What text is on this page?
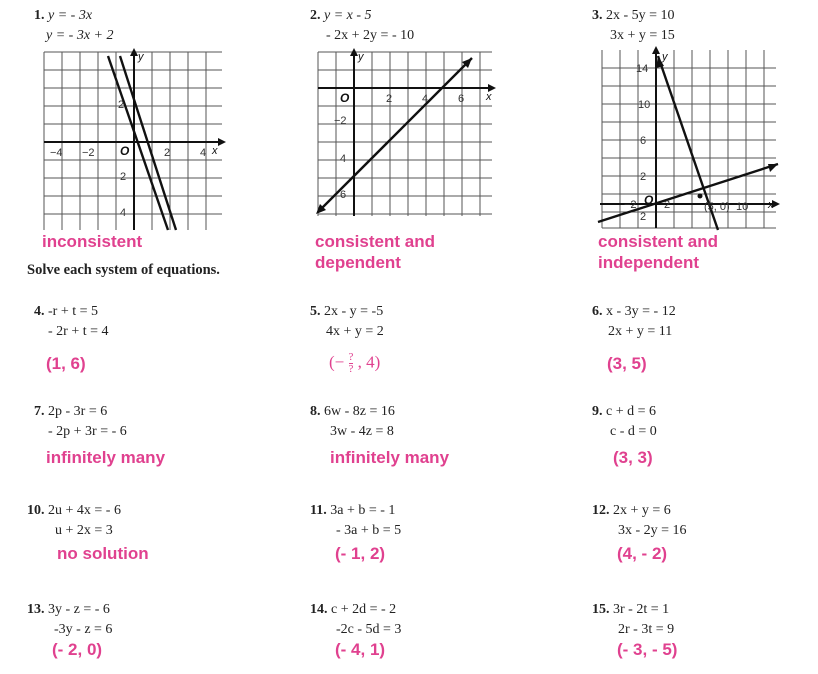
1. y = - 3x
y = - 3x + 2
2. y = x - 5
- 2x + 2y = - 10
3. 2x - 5y = 10
3x + y = 15
−4 −2	2	4 x
y
O
2
2
4
O	2	4	6 x
y
−2
4
6
14
10
6
2
2
−2 2
O	(5, 0) 10 x
y
inconsistent	consistent and dependent
consistent and independent
Solve each system of equations.
4. -r + t = 5
- 2r + t = 4
(1, 6)
5. 2x - y = -5
4x + y = 2
(− $\frac{?}{?}$ , 4)
6. x - 3y = - 12
2x + y = 11
(3, 5)
7. 2p - 3r = 6
- 2p + 3r = - 6
infinitely many
8. 6w - 8z = 16
3w - 4z = 8
infinitely many
9. c + d = 6
c - d = 0
(3, 3)
10. 2u + 4x = - 6
u + 2x = 3
no solution
11. 3a + b = - 1
- 3a + b = 5
(- 1, 2)
12. 2x + y = 6
3x - 2y = 16
(4, - 2)
13. 3y - z = - 6
-3y - z = 6
(- 2, 0)
14. c + 2d = - 2
-2c - 5d = 3
(- 4, 1)
15. 3r - 2t = 1
2r - 3t = 9
(- 3, - 5)
